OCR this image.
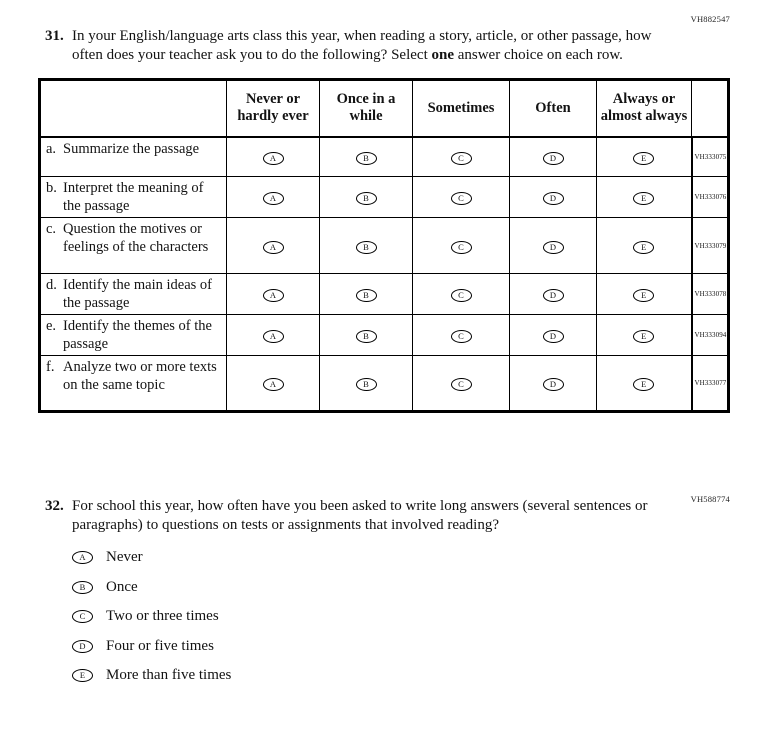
VH882547
VH588774
31. In your English/language arts class this year, when reading a story, article, or other passage, how often does your teacher ask you to do the following? Select one answer choice on each row.
	Never or hardly ever	Once in a while	Sometimes	Often	Always or almost always	

a. Summarize the passage	A	B	C	D	E	VH333075

b. Interpret the meaning of the passage	A	B	C	D	E	VH333076

c. Question the motives or feelings of the characters	A	B	C	D	E	VH333079

d. Identify the main ideas of the passage	A	B	C	D	E	VH333078

e. Identify the themes of the passage	A	B	C	D	E	VH333094

f. Analyze two or more texts on the same topic	A	B	C	D	E	VH333077
32. For school this year, how often have you been asked to write long answers (several sentences or paragraphs) to questions on tests or assignments that involved reading?
A	Never
B	Once
C	Two or three times
D	Four or five times
E	More than five times
